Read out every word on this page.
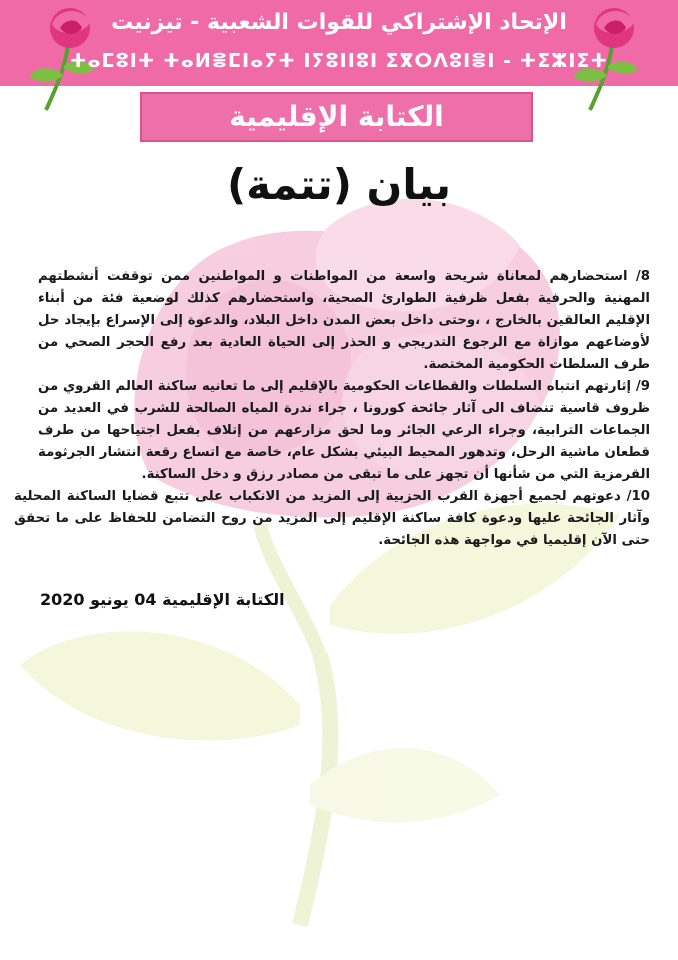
الإتحاد الإشتراكي للقوات الشعبية - تيزنيت
ⵜⴰⵎⵓⵏⵜ ⵜⴰⵍⴻⵎⵏⴰⵢⵜ ⵏⵢⵓⵏⵏⵓⵏ ⵉⴳⵔⴷⵓⵏⴻⵏ - ⵜⵉⵣⵏⵉⵜ
الكتابة الإقليمية
بيان (تتمة)
8/ استحضارهم لمعاناة شريحة واسعة من المواطنات و المواطنين ممن توقفت أنشطتهم المهنية والحرفية بفعل ظرفية الطوارئ الصحية، واستحضارهم كذلك لوضعية فئة من أبناء الإقليم العالقين بالخارج ، ،وحتى داخل بعض المدن داخل البلاد، والدعوة إلى الإسراع بإيجاد حل لأوضاعهم موازاة مع الرجوع التدريجي و الحذر إلى الحياة العادية بعد رفع الحجر الصحي من طرف السلطات الحكومية المختصة.
9/ إثارتهم انتباه السلطات والقطاعات الحكومية بالإقليم إلى ما تعانيه ساكنة العالم القروي من ظروف قاسية تنضاف الى آثار جائحة كورونا ، جراء ندرة المياه الصالحة للشرب في العديد من الجماعات الترابية، وجراء الرعي الجائر وما لحق مزارعهم من إتلاف بفعل اجتياحها من طرف قطعان ماشية الرحل، وتدهور المحيط البيئي بشكل عام، خاصة مع اتساع رقعة انتشار الجرثومة القرمزية التي من شأنها أن تجهز على ما تبقى من مصادر رزق و دخل الساكنة.
10/ دعوتهم لجميع أجهزة القرب الحزبية إلى المزيد من الانكباب على تتبع قضايا الساكنة المحلية وآثار الجائحة عليها ودعوة كافة ساكنة الإقليم إلى المزيد من روح التضامن للحفاظ على ما تحقق حتى الآن إقليميا في مواجهة هذه الجائحة.
الكتابة الإقليمية 04 يونيو 2020
